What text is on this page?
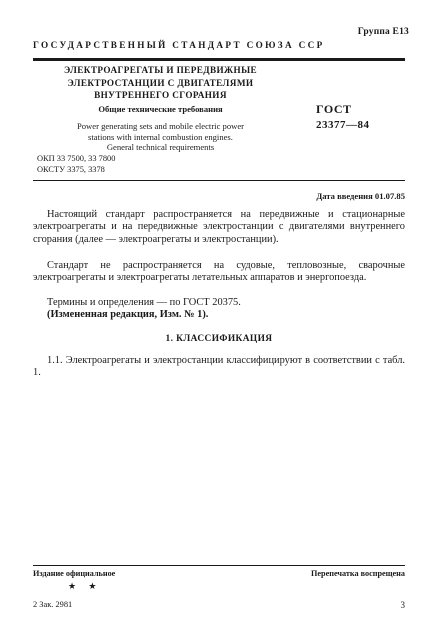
Группа Е13
ГОСУДАРСТВЕННЫЙ СТАНДАРТ СОЮЗА ССР
ЭЛЕКТРОАГРЕГАТЫ И ПЕРЕДВИЖНЫЕ
ЭЛЕКТРОСТАНЦИИ С ДВИГАТЕЛЯМИ
ВНУТРЕННЕГО СГОРАНИЯ
Общие технические требования
Power generating sets and mobile electric power
stations with internal combustion engines.
General technical requirements
ОКП 33 7500, 33 7800
ОКСТУ 3375, 3378
ГОСТ
23377—84
Дата введения 01.07.85

Настоящий стандарт распространяется на передвижные и стационарные электроагрегаты и на передвижные электростанции с двигателями внутреннего сгорания (далее — электроагрегаты и электростанции).

Стандарт не распространяется на судовые, тепловозные, сварочные электроагрегаты и электроагрегаты летательных аппаратов и энергопоезда.

Термины и определения — по ГОСТ 20375.

(Измененная редакция, Изм. № 1).

1. КЛАССИФИКАЦИЯ

1.1. Электроагрегаты и электростанции классифицируют в соответствии с табл. 1.

Издание официальное	Перепечатка воспрещена
★ ★
2 Зак. 2981	3
